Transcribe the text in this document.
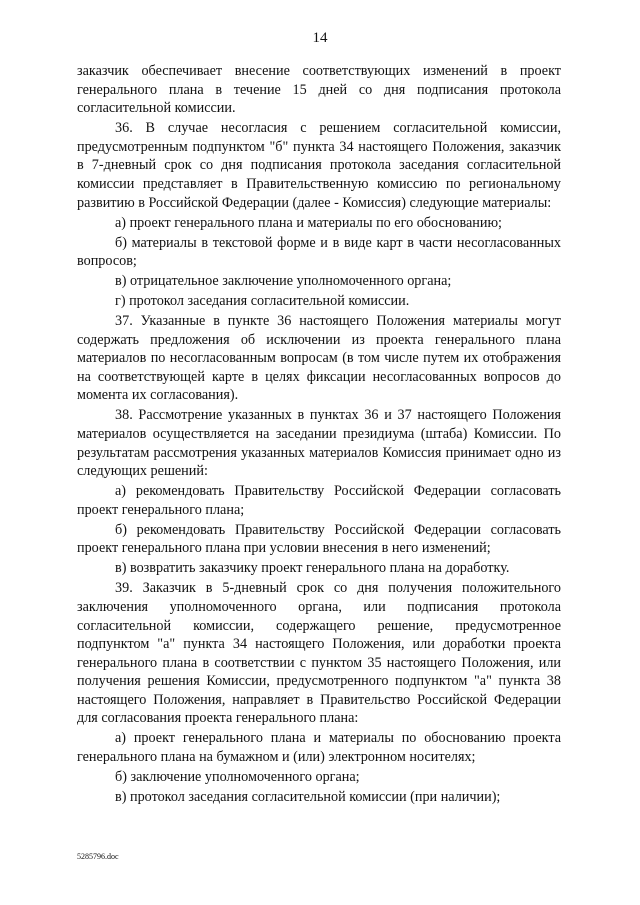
14

заказчик обеспечивает внесение соответствующих изменений в проект генерального плана в течение 15 дней со дня подписания протокола согласительной комиссии.

36. В случае несогласия с решением согласительной комиссии, предусмотренным подпунктом "б" пункта 34 настоящего Положения, заказчик в 7-дневный срок со дня подписания протокола заседания согласительной комиссии представляет в Правительственную комиссию по региональному развитию в Российской Федерации (далее - Комиссия) следующие материалы:

а) проект генерального плана и материалы по его обоснованию;

б) материалы в текстовой форме и в виде карт в части несогласованных вопросов;

в) отрицательное заключение уполномоченного органа;

г) протокол заседания согласительной комиссии.

37. Указанные в пункте 36 настоящего Положения материалы могут содержать предложения об исключении из проекта генерального плана материалов по несогласованным вопросам (в том числе путем их отображения на соответствующей карте в целях фиксации несогласованных вопросов до момента их согласования).

38. Рассмотрение указанных в пунктах 36 и 37 настоящего Положения материалов осуществляется на заседании президиума (штаба) Комиссии. По результатам рассмотрения указанных материалов Комиссия принимает одно из следующих решений:

а) рекомендовать Правительству Российской Федерации согласовать проект генерального плана;

б) рекомендовать Правительству Российской Федерации согласовать проект генерального плана при условии внесения в него изменений;

в) возвратить заказчику проект генерального плана на доработку.

39. Заказчик в 5-дневный срок со дня получения положительного заключения уполномоченного органа, или подписания протокола согласительной комиссии, содержащего решение, предусмотренное подпунктом "а" пункта 34 настоящего Положения, или доработки проекта генерального плана в соответствии с пунктом 35 настоящего Положения, или получения решения Комиссии, предусмотренного подпунктом "а" пункта 38 настоящего Положения, направляет в Правительство Российской Федерации для согласования проекта генерального плана:

а) проект генерального плана и материалы по обоснованию проекта генерального плана на бумажном и (или) электронном носителях;

б) заключение уполномоченного органа;

в) протокол заседания согласительной комиссии (при наличии);

5285796.doc
